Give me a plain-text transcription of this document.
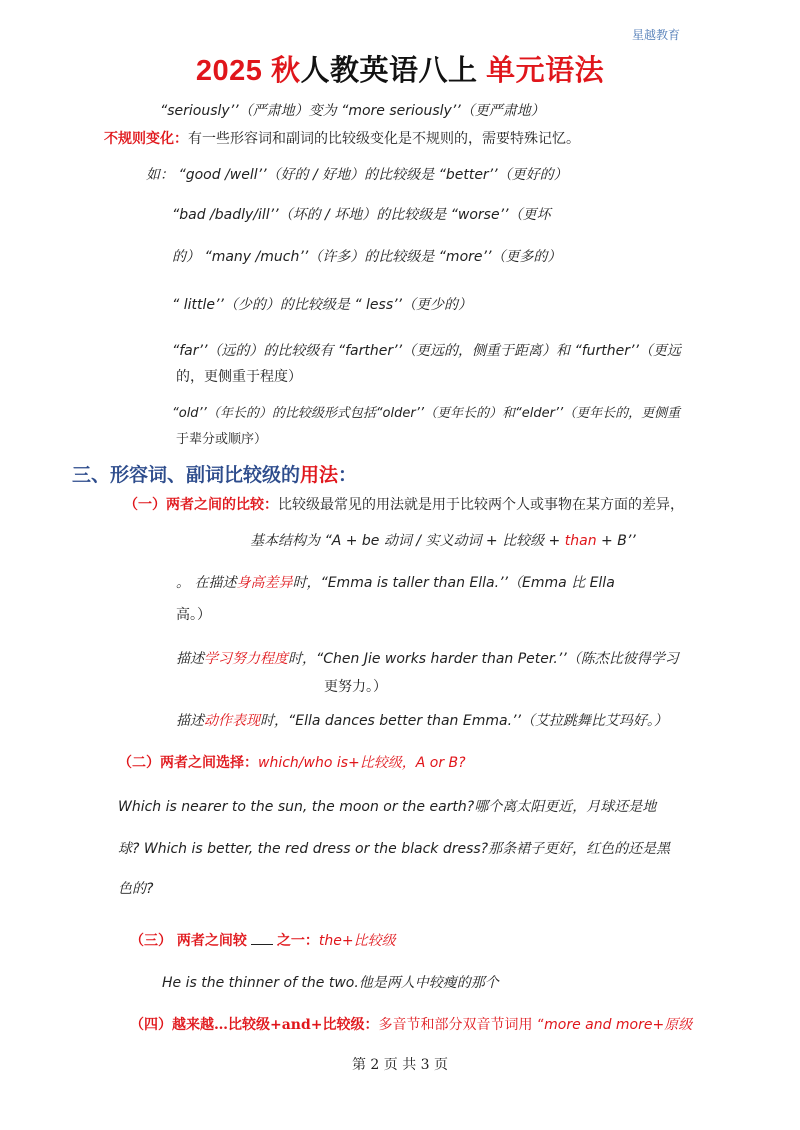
星越教育
2025 秋人教英语八上 单元语法
“seriously’’（严肃地）变为 “more seriously’’（更严肃地）
不规则变化：有一些形容词和副词的比较级变化是不规则的，需要特殊记忆。
如： “good /well’’（好的 / 好地）的比较级是 “better’’（更好的）
“bad /badly/ill’’（坏的 / 坏地）的比较级是 “worse’’（更坏
的） “many /much’’（许多）的比较级是 “more’’（更多的）
“ little’’（少的）的比较级是 “ less’’（更少的）
“far’’（远的）的比较级有 “farther’’（更远的，侧重于距离）和 “further’’（更远
的，更侧重于程度）
“old’’（年长的）的比较级形式包括“older’’（更年长的）和“elder’’（更年长的，更侧重
于辈分或顺序）
三、形容词、副词比较级的用法：
（一）两者之间的比较：比较级最常见的用法就是用于比较两个人或事物在某方面的差异，
基本结构为 “A + be 动词 / 实义动词 + 比较级 + than + B’’
。 在描述身高差异时，“Emma is taller than Ella.’’（Emma 比 Ella
高。）
描述学习努力程度时，“Chen Jie works harder than Peter.’’（陈杰比彼得学习
更努力。）
描述动作表现时，“Ella dances better than Emma.’’（艾拉跳舞比艾玛好。）
（二）两者之间选择：which/who is+比较级，A or B?
Which is nearer to the sun, the moon or the earth?哪个离太阳更近，月球还是地
球? Which is better, the red dress or the black dress?那条裙子更好，红色的还是黑
色的?
（三） 两者之间较 之一：the+比较级
He is the thinner of the two.他是两人中较瘦的那个
（四）越来越…比较级+and+比较级：多音节和部分双音节词用 “more and more+原级
第 2 页 共 3 页
